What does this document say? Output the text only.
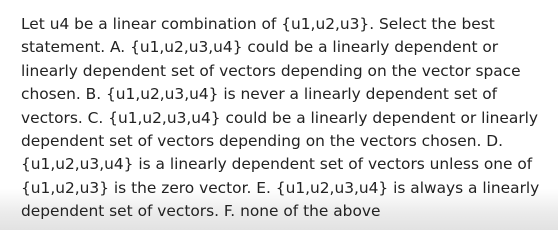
Let u4 be a linear combination of {u1,u2,u3}. Select the best statement. A. {u1,u2,u3,u4} could be a linearly dependent or linearly dependent set of vectors depending on the vector space chosen. B. {u1,u2,u3,u4} is never a linearly dependent set of vectors. C. {u1,u2,u3,u4} could be a linearly dependent or linearly dependent set of vectors depending on the vectors chosen. D. {u1,u2,u3,u4} is a linearly dependent set of vectors unless one of {u1,u2,u3} is the zero vector. E. {u1,u2,u3,u4} is always a linearly dependent set of vectors. F. none of the above
